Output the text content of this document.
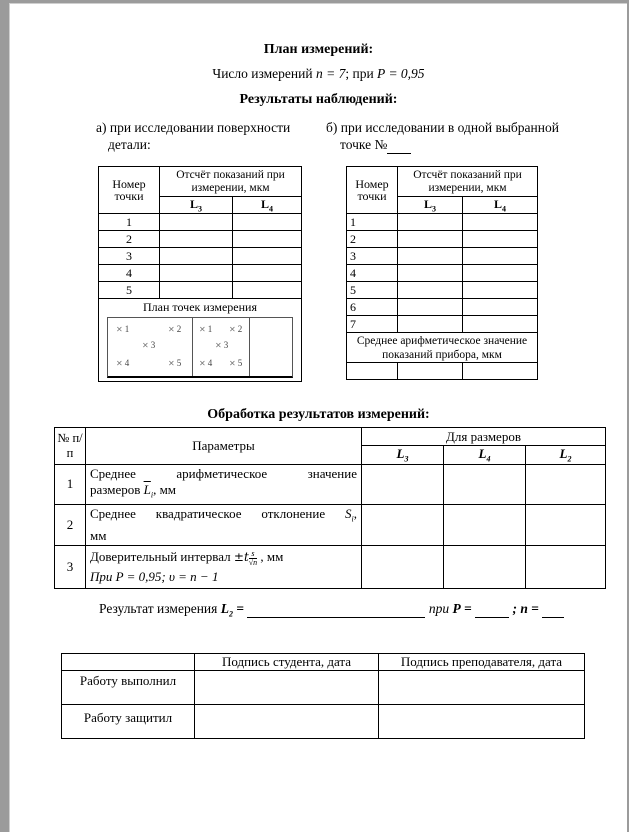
План измерений:
Число измерений n = 7; при P = 0,95
Результаты наблюдений:
а) при исследовании поверхности
детали:
б) при исследовании в одной выбранной
точке №
Номер точки	Отсчёт показаний при измерении, мкм	
	$L_3$	$L_4$
1		
2		
3		
4		
5		

План точек измерения
✕ 1	✕ 2
✕ 3
✕ 4	✕ 5
✕ 1 ✕ 2
✕ 3
✕ 4 ✕ 5
Номер точки	Отсчёт показаний при измерении, мкм	
	$L_3$	$L_4$
1		
2		
3		
4		
5		
6		
7		
Среднее арифметическое значение показаний прибора, мкм		

Обработка результатов измерений:
№ п/п	Параметры	Для размеров		
		$L_3$	$L_4$	$L_2$
1	Среднее арифметическое значение
размеров $\overline{L}_i$, мм			

2	Среднее квадратическое отклонение $S_i$,
мм			

3	Доверительный интервал $\pm t \frac{s}{√n}$ , мм
При P = 0,95; υ = n − 1			

Результат измерения $L_2$ =	при P =	; n =
	Подпись студента, дата	Подпись преподавателя, дата
Работу выполнил		
Работу защитил		
